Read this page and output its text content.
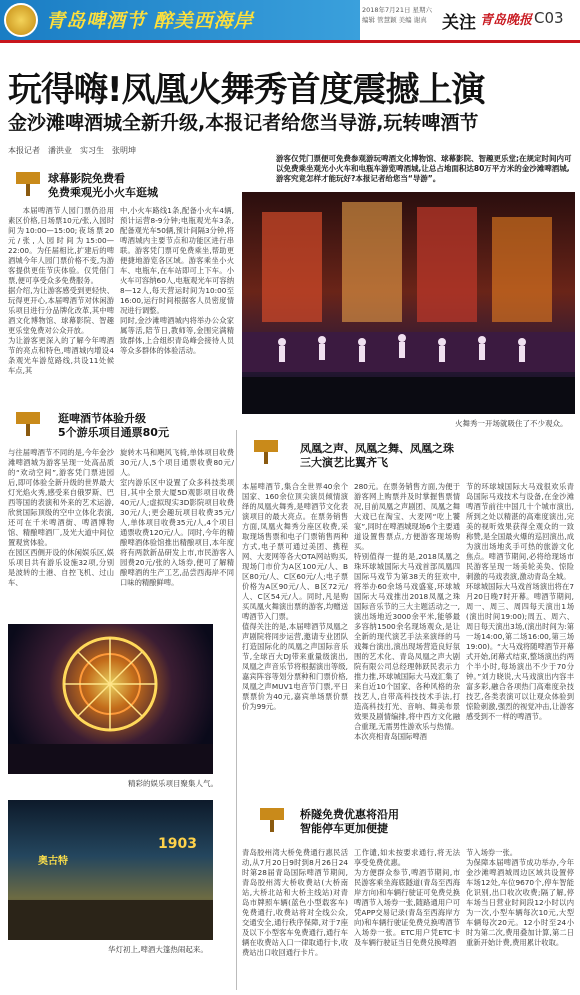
青岛啤酒节 醉美西海岸	2018年7月21日 星期六
编辑 管慧颖 美编 谢真 关注 青岛晚报 C03
玩得嗨!凤凰火舞秀首度震撼上演
金沙滩啤酒城全新升级,本报记者给您当导游,玩转啤酒节
本报记者　潘洪业　实习生　张明坤
游客仅凭门票便可免费参观游玩啤酒文化博物馆、球幕影院、智趣更乐堂;在规定时间内可以免费乘坐观光小火车和电瓶车游览啤酒城,让总占地面积达80万平方米的金沙滩啤酒城,游客究竟怎样才能玩好?本报记者给您当“导游”。
火舞秀一开场就吸住了不少观众。
球幕影院免费看
免费乘观光小火车逛城
本届啤酒节人园门票仍沿用素区价格,日场票10元/张,入园时间为10:00—15:00;夜场票20元/张,人园时间为15:00—22:00。为任届相比,扩建后的啤酒城今年人园门票价格不变,为游客提供更佳节庆体验。仅凭借门票,便可享受众多免费服务。
据介绍,为让游客感受到更轻快、玩得更开心,本届啤酒节对休闲游乐项目进行分品牌化改革,其中啤酒文化博物馆、球幕影院、智趣更乐堂免费对公众开放。
为让游客更深入的了解今年啤酒节的亮点和特色,啤酒城内增设4条观光车游览路线,共设11处候车点,其
中,小火车路线1条,配备小火车4辆,预计运营8-9分钟;电瓶观光车3条,配备观光车50辆,预计间隔3分钟,将啤酒城内主要节点和功能区进行串联。游客凭门票可免费乘坐,帮助更便捷地游览各区域。游客乘坐小火车、电瓶车,在车站即可上下车。小火车可容纳60人,电瓶观光车可容纳8—12人,每天营运时间为10:00至16:00,运行时间根据客人员密度情况进行调整。
同时,金沙滩啤酒城内将举办公众家属等活,陪节日,教师等,金围完满精致群体,上合组织青岛峰会接待人员等众多群体的体验活动。
逛啤酒节体验升级
5个游乐项目通票80元
与往届啤酒节不同的是,今年金沙滩啤酒城为游客呈现一处高品质的“欢动空间”,游客凭门票进园后,即可体验全新升级的世界最大灯光焰火秀,感受来自俄罗斯、巴西等国的表演和外来的艺术运游,欣赏国际顶级的空中立体化表演,还可在千米啤酒街、啤酒博物馆、精酿啤酒厂,及光大道中间位置观赏体验。
在园区西侧开设的休闲娱乐区,娱乐项目共有游乐设施32项,分别是波转的士港、自控飞机、过山车、
旋转木马和飓风飞椅,单体项目收费30元/人,5个项目通票收费80元/人。
室内游乐区中设置了众多科技类项目,其中全景大厦5D观影项目收费40元/人;虚拟现实3D影院项目收费30元/人;更会趣玩项目收费35元/人,单体项目收费35元/人,4个项目通票收费120元/人。同时,今年的精酿啤酒体验馆推出精酿项目,本年度将有两款新品研发上市,市民游客入园费20元/张的入场券,便可了解精酿啤酒的生产工艺,品尝西海岸不同口味的精酿鲜啤。
精彩的娱乐项目聚集人气。
奥古特
1903
华灯初上,啤酒大篷热闹起来。
凤凰之声、凤凰之舞、凤凰之珠
三大演艺比翼齐飞
本届啤酒节,集合全世界40余个国家、160余位顶尖演员倾情演绎的凤凰火舞秀,是啤酒节文化表演项目的最大亮点。在票务销售方面,凤凰火舞秀分座区收费,采取现场售票和电子门票销售两种方式,电子票可通过美团、携程网、大麦网等各大OTA网站购买,现场门市价为A区100元/人、B区80元/人、C区60元/人;电子票价格为A区90元/人、B区72元/人、C区54元/人。同时,凡是购买凤凰火舞演出票的游客,均赠送啤酒节入门票。
值得关注的是,本届啤酒节凤凰之声剧院将同步运营,邀请专业团队打造国际化的凤凰之声国际音乐节,全球百大DJ带来重量级演出,凤凰之声音乐节将根据演出等级,嘉宾阵容等划分票种和门票价格,凤凰之声MUV1电音节门票,平日票票价为40元,嘉宾单场票价票价为99元。
280元。在票务销售方面,为便于游客网上购票并及时掌握售票情况,目前凤凰之声剧团、凤凰之舞大戏已在淘宝、大麦网“吃上饕宴”,同时在啤酒城现场6个主要通道设置售票点,方便游客现场购买。
特别值得一提的是,2018凤凰之珠环球城国际大马戏首部凤凰四国际马戏节为第38天的狂欢中,将举办60余场马戏盛宴,环球城国际大马戏推出2018凤凰之珠国际音乐节的三大主题活动之一,演出场地近3000余平米,能够最多容纳1500余名现场观众,是让全新的现代演艺手法来演绎的马戏舞台演出,演出现场营造良好氛围的艺术化、青岛凤凰之声大剧院有限公司总经理韩跃民表示力推力推,环球城国际大马戏汇集了来自近10个国家、各种风格的杂技艺人,自带高科技技术手法,打造高科技打光、音响、舞美布景效果及剧情编排,将中西方文化融合重现,无需男性游欢乐与热情。
本次亮相青岛国际啤酒
节的环球城国际大马戏很欢乐青岛国际马戏技术与设备,在金沙滩啤酒节前往中国几十个城市演出,所到之处以精湛的高难度演出,完美的视听效果获得全观众的一致称赞,是全国最火爆的巡回演出,成为演出场地炙手可热的旅游文化焦点。啤酒节期间,必将给现场市民游客呈现一场美轮美奂、惊险刺激的马戏表演,激动青岛全城。
环球城国际大马戏首场演出将在7月20日晚7时开幕。啤酒节期间,周一、周三、周四每天演出1场(演出时间19:00);周五、周六、周日每天演出3场,(演出时间为:第一场14:00,第二场16:00,第三场19:00)。“大马戏将随啤酒节开幕式开始,闭幕式结束,整场演出约两个半小时,每场演出不少于70分钟。”刘力晓说,大马戏演出内容丰富多彩,融合各项热门高难度杂技技艺,各类表演可以让观众体验到惊险刺激,强烈的视觉冲击,让游客感受到不一样的啤酒节。
桥隧免费优惠将沿用
智能停车更加便捷
青岛胶州湾大桥免费通行惠民活动,从7月20日9时到8月26日24时第28届青岛国际啤酒节期间,青岛胶州湾大桥收费站(大桥南站,大桥北站和大桥主线站)对青岛市牌照车辆(蓝色小型载客车)免费通行,收费站将对全线公众,交通安全,通行秩序保障,对于7座及以下小型客车免费通行,通行车辆在收费站入口一律取通行卡,收费站出口收回通行卡片。
工作谴,如未按要求通行,将无法享受免费优惠。
为方便群众参节,啤酒节期间,市民游客乘坐海底隧道(青岛至西海岸方向)和车辆行驶证可免费兑换啤酒节入场券一张,随路通用户可凭APP交易记录(青岛至西海岸方向)和车辆行驶证免费兑换啤酒节入场券一张。ETC用户凭ETC卡及车辆行驶证当日免费兑换啤酒
节入场券一张。
为保障本届啤酒节成功举办,今年金沙滩啤酒城周边区域共设置停车场12处,车位9670个,停车智能化识别,出口收次收费;隔了解,停车场当日营业时间段12小时以内为一次,小型车辆每次10元,大型车辆每次20元。12小时至24小时为第二次,费用叠加计算,第二日重新开始计费,费用累计收取。
